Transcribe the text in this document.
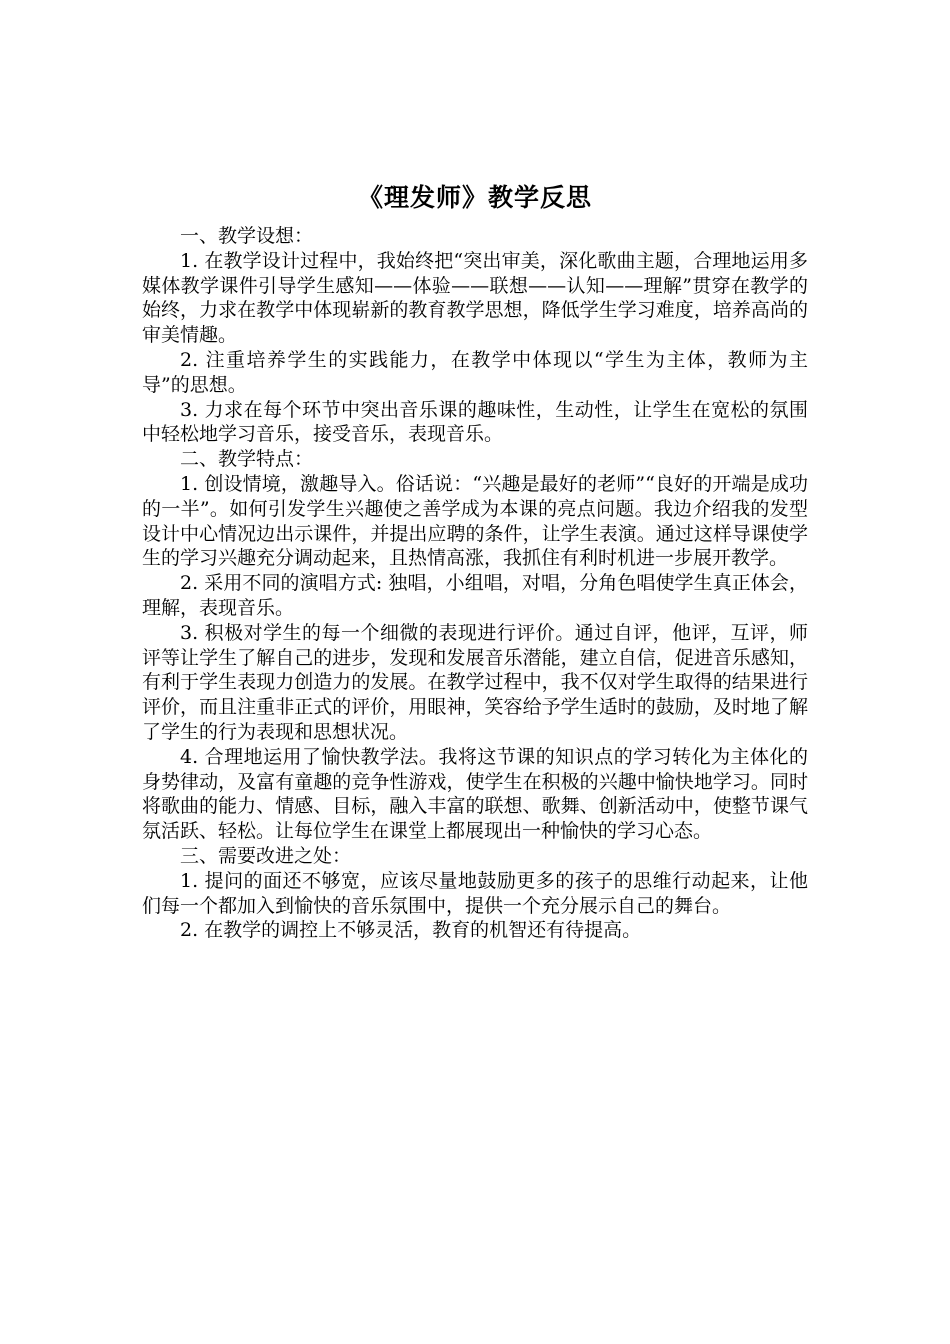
《理发师》教学反思

一、教学设想：

1. 在教学设计过程中，我始终把“突出审美，深化歌曲主题，合理地运用多媒体教学课件引导学生感知——体验——联想——认知——理解”贯穿在教学的始终，力求在教学中体现崭新的教育教学思想，降低学生学习难度，培养高尚的审美情趣。

2. 注重培养学生的实践能力，在教学中体现以“学生为主体，教师为主导”的思想。

3. 力求在每个环节中突出音乐课的趣味性，生动性，让学生在宽松的氛围中轻松地学习音乐，接受音乐，表现音乐。

二、教学特点：

1. 创设情境，激趣导入。俗话说：“兴趣是最好的老师”“良好的开端是成功的一半”。如何引发学生兴趣使之善学成为本课的亮点问题。我边介绍我的发型设计中心情况边出示课件，并提出应聘的条件，让学生表演。通过这样导课使学生的学习兴趣充分调动起来，且热情高涨，我抓住有利时机进一步展开教学。

2. 采用不同的演唱方式: 独唱，小组唱，对唱，分角色唱使学生真正体会，理解，表现音乐。

3. 积极对学生的每一个细微的表现进行评价。通过自评，他评，互评，师评等让学生了解自己的进步，发现和发展音乐潜能，建立自信，促进音乐感知，有利于学生表现力创造力的发展。在教学过程中，我不仅对学生取得的结果进行评价，而且注重非正式的评价，用眼神，笑容给予学生适时的鼓励，及时地了解了学生的行为表现和思想状况。

4. 合理地运用了愉快教学法。我将这节课的知识点的学习转化为主体化的身势律动，及富有童趣的竞争性游戏，使学生在积极的兴趣中愉快地学习。同时将歌曲的能力、情感、目标，融入丰富的联想、歌舞、创新活动中，使整节课气氛活跃、轻松。让每位学生在课堂上都展现出一种愉快的学习心态。

三、需要改进之处：

1. 提问的面还不够宽，应该尽量地鼓励更多的孩子的思维行动起来，让他们每一个都加入到愉快的音乐氛围中，提供一个充分展示自己的舞台。

2. 在教学的调控上不够灵活，教育的机智还有待提高。
